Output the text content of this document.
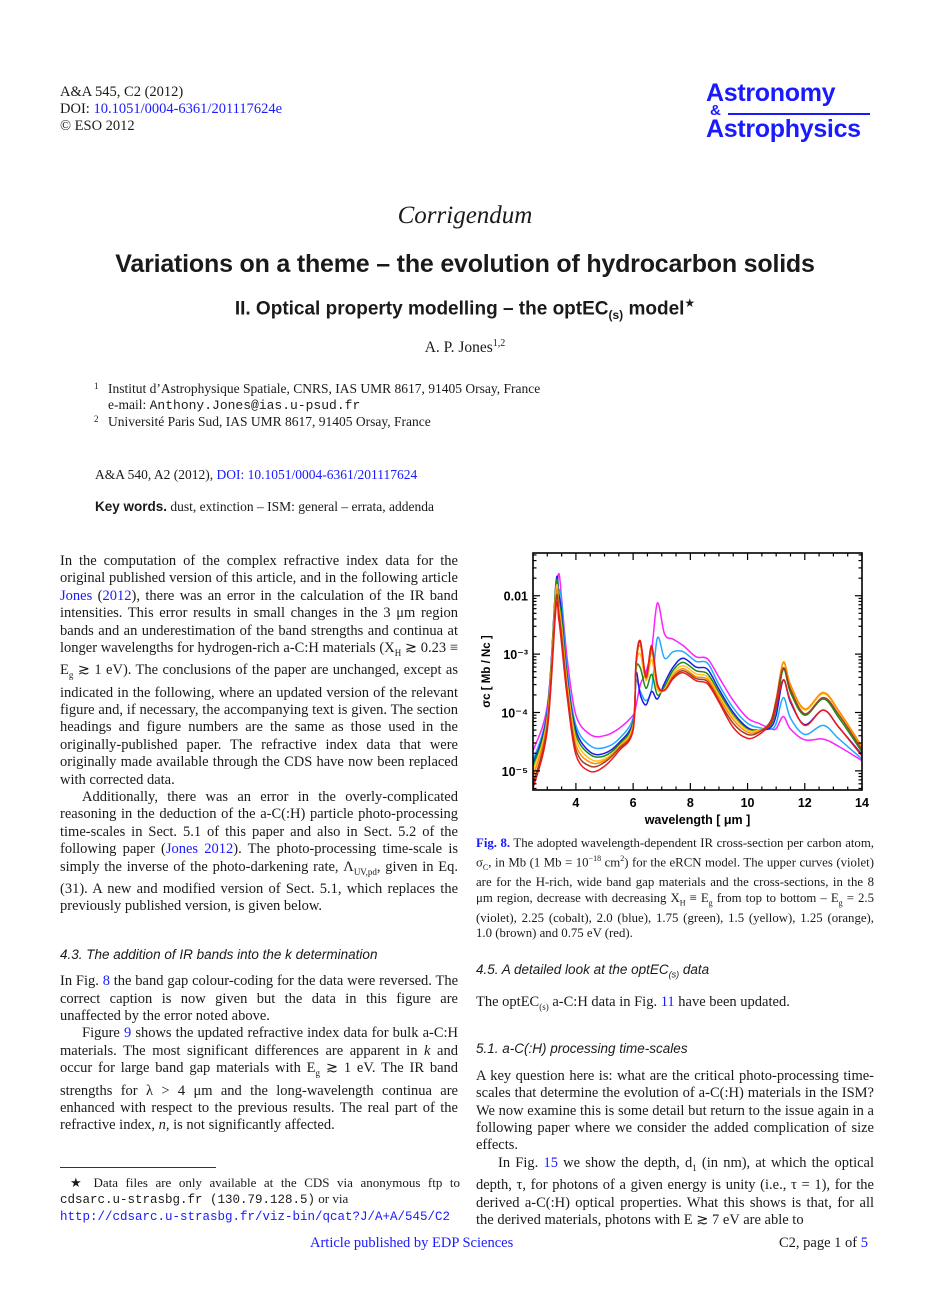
A&A 545, C2 (2012)
DOI: 10.1051/0004-6361/201117624e
© ESO 2012
Astronomy
&
Astrophysics
Corrigendum
Variations on a theme – the evolution of hydrocarbon solids
II. Optical property modelling – the optEC$_{(s)}$ model★
A. P. Jones$^{1,2}$
1 Institut d’Astrophysique Spatiale, CNRS, IAS UMR 8617, 91405 Orsay, France
e-mail: Anthony.Jones@ias.u-psud.fr
2 Université Paris Sud, IAS UMR 8617, 91405 Orsay, France
A&A 540, A2 (2012), DOI: 10.1051/0004-6361/201117624
Key words. dust, extinction – ISM: general – errata, addenda

In the computation of the complex refractive index data for the original published version of this article, and in the following article Jones (2012), there was an error in the calculation of the IR band intensities. This error results in small changes in the 3 μm region bands and an underestimation of the band strengths and continua at longer wavelengths for hydrogen-rich a-C:H materials ($X_H$ ≳ $0.23 \equiv E_g$ ≳ 1 eV). The conclusions of the paper are unchanged, except as indicated in the following, where an updated version of the relevant figure and, if necessary, the accompanying text is given. The section headings and figure numbers are the same as those used in the originally-published paper. The refractive index data that were originally made available through the CDS have now been replaced with corrected data.

Additionally, there was an error in the overly-complicated reasoning in the deduction of the a-C(:H) particle photo-processing time-scales in Sect. 5.1 of this paper and also in Sect. 5.2 of the following paper (Jones 2012). The photo-processing time-scale is simply the inverse of the photo-darkening rate, $\Lambda_{UV,pd}$, given in Eq. (31). A new and modified version of Sect. 5.1, which replaces the previously published version, is given below.

4.3. The addition of IR bands into the k determination

In Fig. 8 the band gap colour-coding for the data were reversed. The correct caption is now given but the data in this figure are unaffected by the error noted above.

Figure 9 shows the updated refractive index data for bulk a-C:H materials. The most significant differences are apparent in k and occur for large band gap materials with $E_g$ ≳ 1 eV. The IR band strengths for λ > 4 μm and the long-wavelength continua are enhanced with respect to the previous results. The real part of the refractive index, n, is not significantly affected.

★ Data files are only available at the CDS via anonymous ftp to cdsarc.u-strasbg.fr (130.79.128.5) or via
http://cdsarc.u-strasbg.fr/viz-bin/qcat?J/A+A/545/C2
4	6	8	10	12	14
10⁻⁵
10⁻⁴
10⁻³
0.01
wavelength [ μm ]
σc [ Mb / Nc ]
Fig. 8. The adopted wavelength-dependent IR cross-section per carbon atom, $\sigma_C$, in Mb (1 $Mb = 10^{-18}$ $cm^2$) for the eRCN model. The upper curves (violet) are for the H-rich, wide band gap materials and the cross-sections, in the 8 μm region, decrease with decreasing $X_H \equiv E_g$ from top to bottom – $E_g = 2.5$ (violet), 2.25 (cobalt), 2.0 (blue), 1.75 (green), 1.5 (yellow), 1.25 (orange), 1.0 (brown) and 0.75 eV (red).

4.5. A detailed look at the optEC$_{(s)}$ data

The optEC$_{(s)}$ a-C:H data in Fig. 11 have been updated.

5.1. a-C(:H) processing time-scales

A key question here is: what are the critical photo-processing time-scales that determine the evolution of a-C(:H) materials in the ISM? We now examine this is some detail but return to the issue again in a following paper where we consider the added complication of size effects.

In Fig. 15 we show the depth, $d_1$ (in nm), at which the optical depth, τ, for photons of a given energy is unity (i.e., τ = 1), for the derived a-C(:H) optical properties. What this shows is that, for all the derived materials, photons with E ≳ 7 eV are able to

Article published by EDP Sciences	C2, page 1 of 5
